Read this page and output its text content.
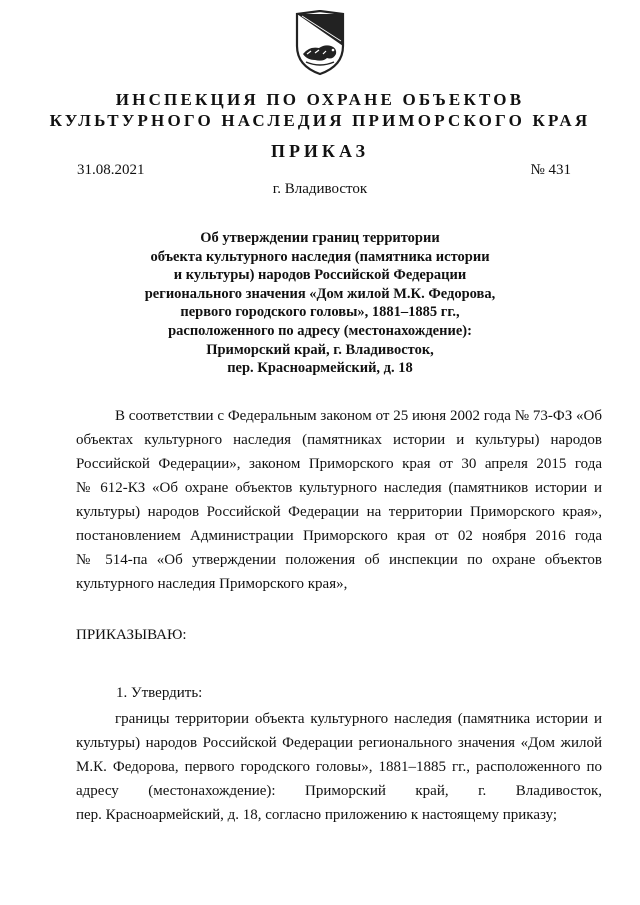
ИНСПЕКЦИЯ ПО ОХРАНЕ ОБЪЕКТОВ
КУЛЬТУРНОГО НАСЛЕДИЯ ПРИМОРСКОГО КРАЯ
ПРИКАЗ
31.08.2021	№ 431
г. Владивосток
Об утверждении границ территории
объекта культурного наследия (памятника истории
и культуры) народов Российской Федерации
регионального значения «Дом жилой М.К. Федорова,
первого городского головы», 1881–1885 гг.,
расположенного по адресу (местонахождение):
Приморский край, г. Владивосток,
пер. Красноармейский, д. 18
В соответствии с Федеральным законом от 25 июня 2002 года № 73-ФЗ «Об
объектах культурного наследия (памятниках истории и культуры) народов
Российской Федерации», законом Приморского края от 30 апреля 2015 года
№ 612-КЗ «Об охране объектов культурного наследия (памятников истории и
культуры) народов Российской Федерации на территории Приморского края»,
постановлением Администрации Приморского края от 02 ноября 2016 года
№ 514-па «Об утверждении положения об инспекции по охране объектов
культурного наследия Приморского края»,
ПРИКАЗЫВАЮ:
1. Утвердить:
границы территории объекта культурного наследия (памятника истории и
культуры) народов Российской Федерации регионального значения «Дом жилой
М.К. Федорова, первого городского головы», 1881–1885 гг., расположенного по
адресу (местонахождение): Приморский край, г. Владивосток,
пер. Красноармейский, д. 18, согласно приложению к настоящему приказу;
